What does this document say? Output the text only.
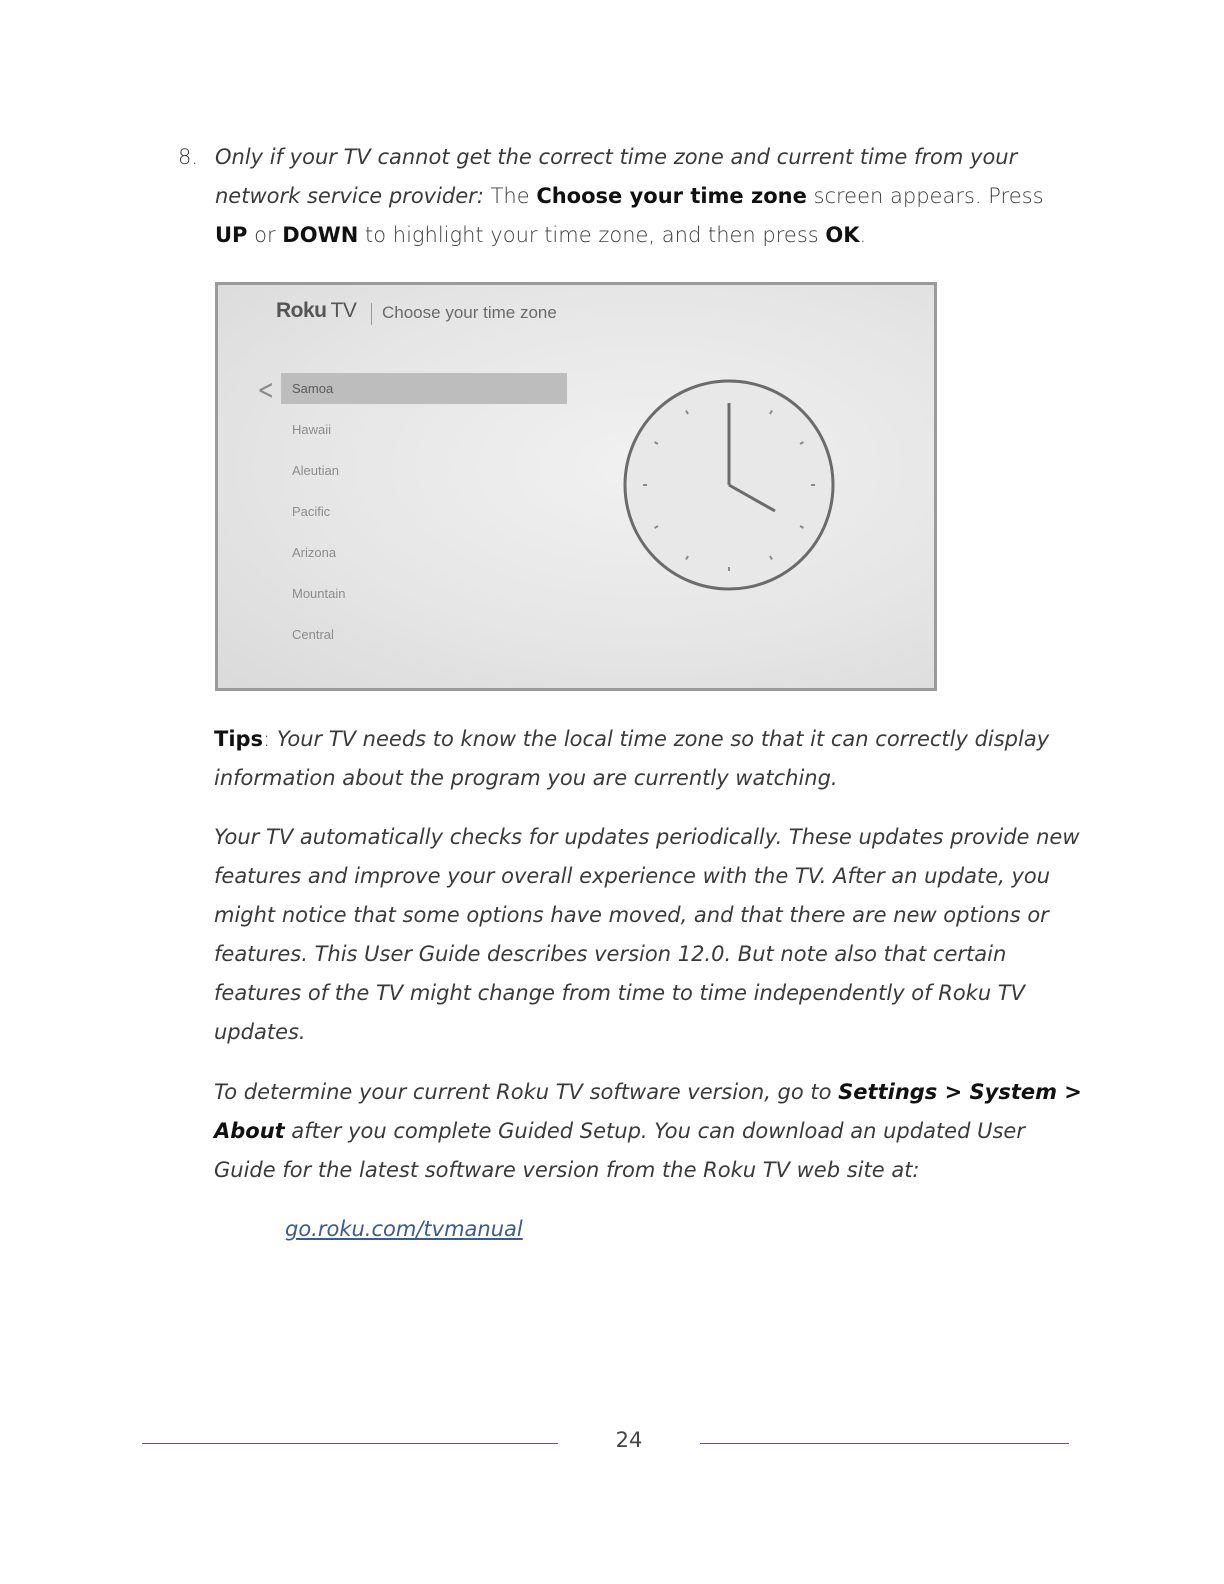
8. Only if your TV cannot get the correct time zone and current time from your network service provider: The Choose your time zone screen appears. Press UP or DOWN to highlight your time zone, and then press OK.
Roku TV Choose your time zone
<	Samoa
Hawaii
Aleutian
Pacific
Arizona
Mountain
Central
Tips: Your TV needs to know the local time zone so that it can correctly display information about the program you are currently watching.
Your TV automatically checks for updates periodically. These updates provide new features and improve your overall experience with the TV. After an update, you might notice that some options have moved, and that there are new options or features. This User Guide describes version 12.0. But note also that certain features of the TV might change from time to time independently of Roku TV updates.
To determine your current Roku TV software version, go to Settings > System > About after you complete Guided Setup. You can download an updated User Guide for the latest software version from the Roku TV web site at:
go.roku.com/tvmanual
24
